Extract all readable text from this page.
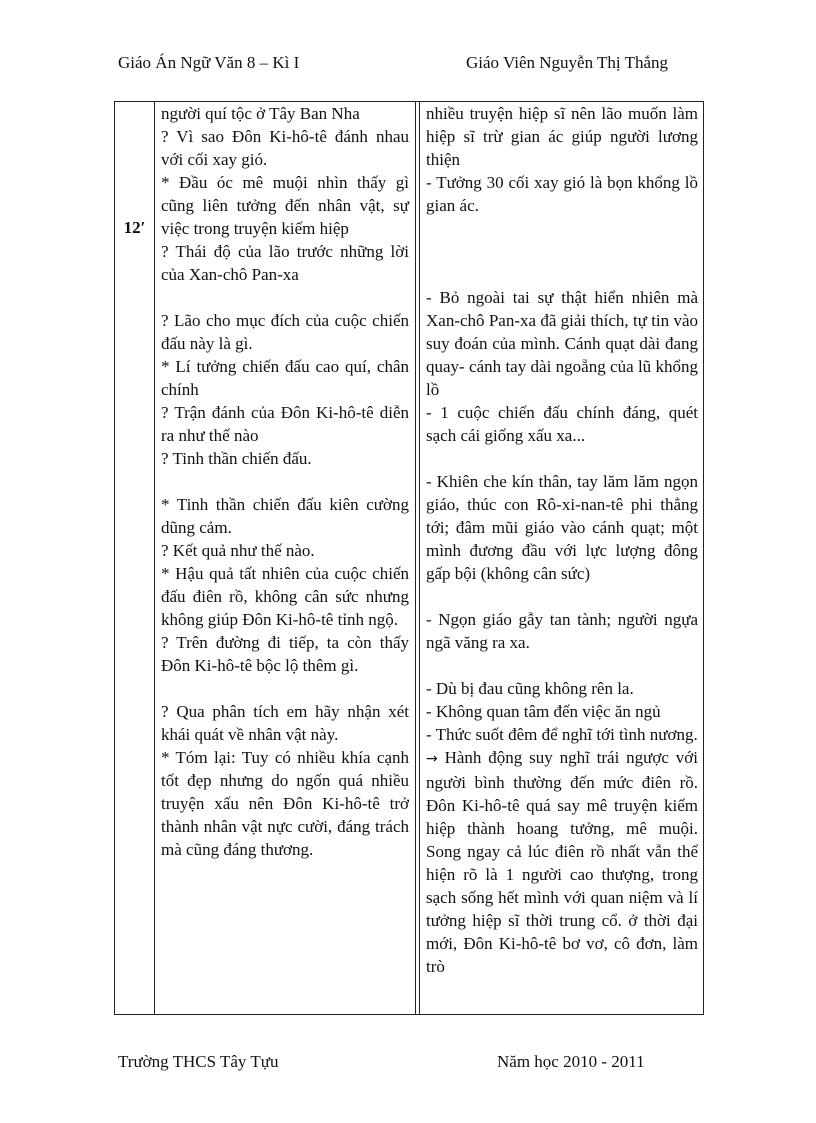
Giáo Án Ngữ Văn 8 – Kì I	Giáo Viên Nguyễn Thị Thắng
12′

người quí tộc ở Tây Ban Nha

? Vì sao Đôn Ki-hô-tê đánh nhau với cối xay gió.

* Đầu óc mê muội nhìn thấy gì cũng liên tưởng đến nhân vật, sự việc trong truyện kiếm hiệp

? Thái độ của lão trước những lời của Xan-chô Pan-xa

? Lão cho mục đích của cuộc chiến đấu này là gì.

* Lí tưởng chiến đấu cao quí, chân chính

? Trận đánh của Đôn Ki-hô-tê diễn ra như thế nào

? Tinh thần chiến đấu.

* Tinh thần chiến đấu kiên cường dũng cảm.

? Kết quả như thế nào.

* Hậu quả tất nhiên của cuộc chiến đấu điên rồ, không cân sức nhưng không giúp Đôn Ki-hô-tê tỉnh ngộ.

? Trên đường đi tiếp, ta còn thấy Đôn Ki-hô-tê bộc lộ thêm gì.

? Qua phân tích em hãy nhận xét khái quát về nhân vật này.

* Tóm lại: Tuy có nhiều khía cạnh tốt đẹp nhưng do ngốn quá nhiều truyện xấu nên Đôn Ki-hô-tê trở thành nhân vật nực cười, đáng trách mà cũng đáng thương.

nhiều truyện hiệp sĩ nên lão muốn làm hiệp sĩ trừ gian ác giúp người lương thiện

- Tưởng 30 cối xay gió là bọn khổng lồ gian ác.

- Bỏ ngoài tai sự thật hiển nhiên mà Xan-chô Pan-xa đã giải thích, tự tin vào suy đoán của mình. Cánh quạt dài đang quay- cánh tay dài ngoẵng của lũ khổng lồ

- 1 cuộc chiến đấu chính đáng, quét sạch cái giống xấu xa...

- Khiên che kín thân, tay lăm lăm ngọn giáo, thúc con Rô-xi-nan-tê phi thẳng tới; đâm mũi giáo vào cánh quạt; một mình đương đầu với lực lượng đông gấp bội (không cân sức)

- Ngọn giáo gẫy tan tành; người ngựa ngã văng ra xa.

- Dù bị đau cũng không rên la.

- Không quan tâm đến việc ăn ngủ

- Thức suốt đêm để nghĩ tới tình nương.

→ Hành động suy nghĩ trái ngược với người bình thường đến mức điên rồ. Đôn Ki-hô-tê quá say mê truyện kiếm hiệp thành hoang tưởng, mê muội. Song ngay cả lúc điên rồ nhất vẫn thể hiện rõ là 1 người cao thượng, trong sạch sống hết mình với quan niệm và lí tưởng hiệp sĩ thời trung cổ. ở thời đại mới, Đôn Ki-hô-tê bơ vơ, cô đơn, làm trò

Trường THCS Tây Tựu	Năm học 2010 - 2011
